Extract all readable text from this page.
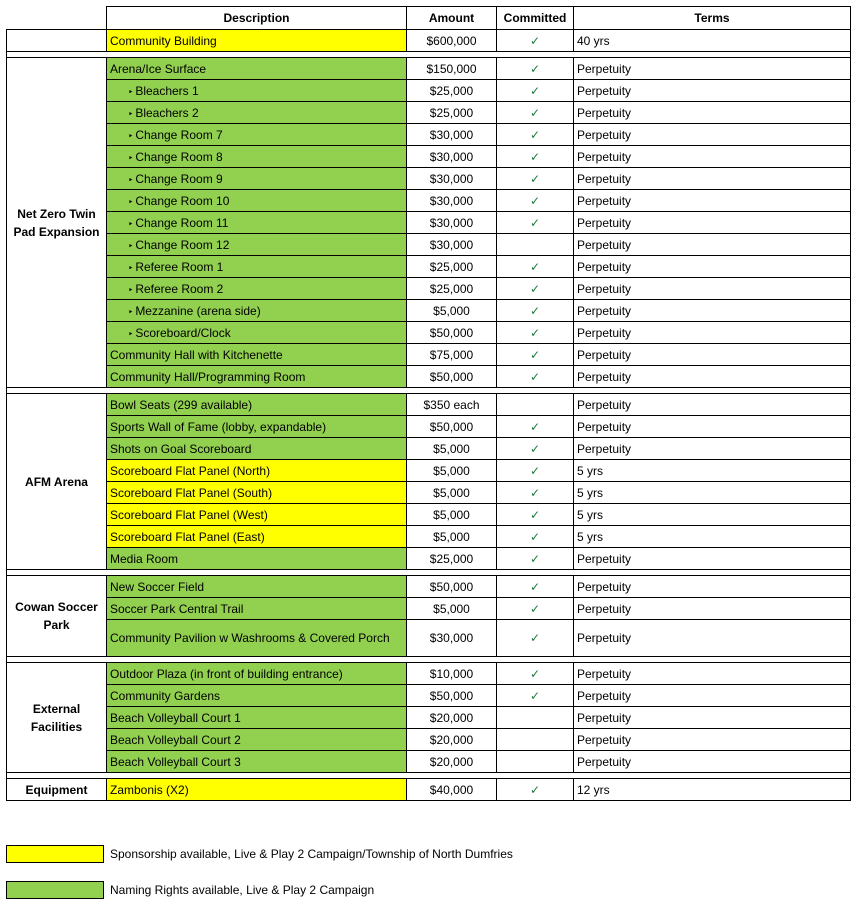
	Description	Amount	Committed	Terms
	Community Building	$600,000	✓	40 yrs

Net Zero Twin Pad Expansion	Arena/Ice Surface	$150,000	✓	Perpetuity
	‣ Bleachers 1	$25,000	✓	Perpetuity
	‣ Bleachers 2	$25,000	✓	Perpetuity
	‣ Change Room 7	$30,000	✓	Perpetuity
	‣ Change Room 8	$30,000	✓	Perpetuity
	‣ Change Room 9	$30,000	✓	Perpetuity
	‣ Change Room 10	$30,000	✓	Perpetuity
	‣ Change Room 11	$30,000	✓	Perpetuity
	‣ Change Room 12	$30,000		Perpetuity
	‣ Referee Room 1	$25,000	✓	Perpetuity
	‣ Referee Room 2	$25,000	✓	Perpetuity
	‣ Mezzanine (arena side)	$5,000	✓	Perpetuity
	‣ Scoreboard/Clock	$50,000	✓	Perpetuity
	Community Hall with Kitchenette	$75,000	✓	Perpetuity
	Community Hall/Programming Room	$50,000	✓	Perpetuity

AFM Arena	Bowl Seats (299 available)	$350 each		Perpetuity
	Sports Wall of Fame (lobby, expandable)	$50,000	✓	Perpetuity
	Shots on Goal Scoreboard	$5,000	✓	Perpetuity
	Scoreboard Flat Panel (North)	$5,000	✓	5 yrs
	Scoreboard Flat Panel (South)	$5,000	✓	5 yrs
	Scoreboard Flat Panel (West)	$5,000	✓	5 yrs
	Scoreboard Flat Panel (East)	$5,000	✓	5 yrs
	Media Room	$25,000	✓	Perpetuity

Cowan Soccer Park	New Soccer Field	$50,000	✓	Perpetuity
	Soccer Park Central Trail	$5,000	✓	Perpetuity
	Community Pavilion w Washrooms & Covered Porch	$30,000	✓	Perpetuity

External Facilities	Outdoor Plaza (in front of building entrance)	$10,000	✓	Perpetuity
	Community Gardens	$50,000	✓	Perpetuity
	Beach Volleyball Court 1	$20,000		Perpetuity
	Beach Volleyball Court 2	$20,000		Perpetuity
	Beach Volleyball Court 3	$20,000		Perpetuity

Equipment	Zambonis (X2)	$40,000	✓	12 yrs
Sponsorship available, Live & Play 2 Campaign/Township of North Dumfries
Naming Rights available, Live & Play 2 Campaign
